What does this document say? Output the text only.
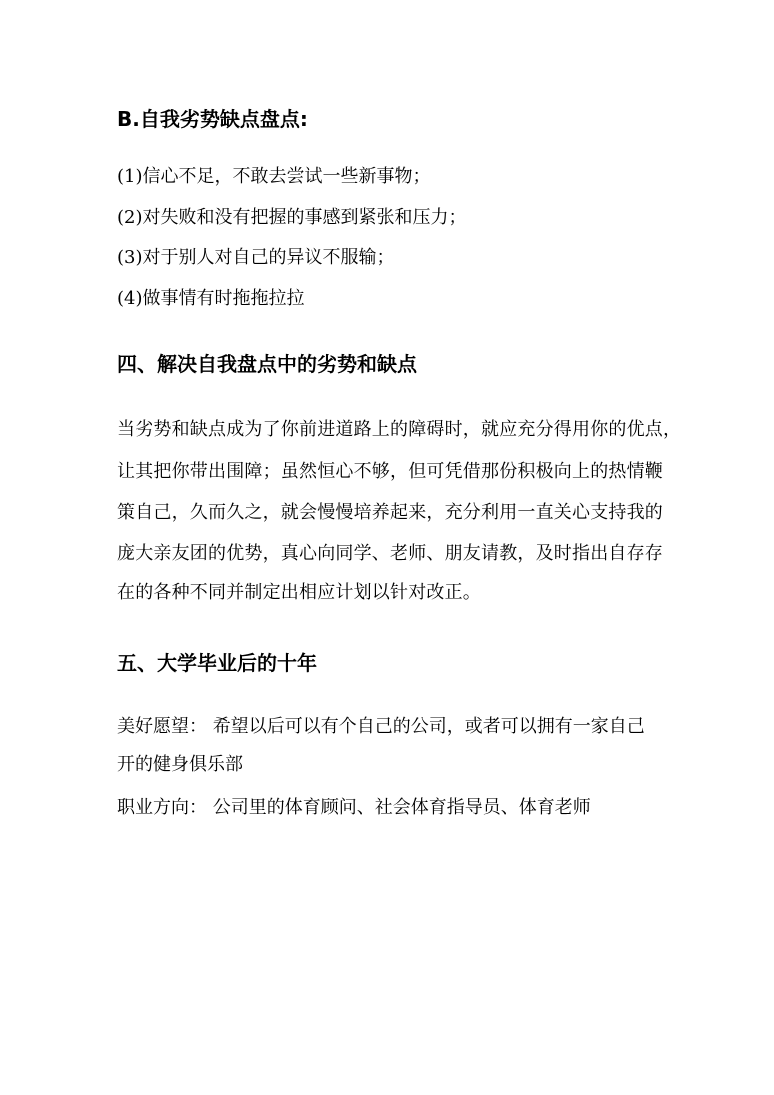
B.自我劣势缺点盘点:
(1)信心不足，不敢去尝试一些新事物；
(2)对失败和没有把握的事感到紧张和压力；
(3)对于别人对自己的异议不服输；
(4)做事情有时拖拖拉拉
四、解决自我盘点中的劣势和缺点
当劣势和缺点成为了你前进道路上的障碍时，就应充分得用你的优点，
让其把你带出围障；虽然恒心不够，但可凭借那份积极向上的热情鞭
策自己，久而久之，就会慢慢培养起来，充分利用一直关心支持我的
庞大亲友团的优势，真心向同学、老师、朋友请教，及时指出自存存
在的各种不同并制定出相应计划以针对改正。
五、大学毕业后的十年
美好愿望： 希望以后可以有个自己的公司，或者可以拥有一家自己
开的健身俱乐部
职业方向： 公司里的体育顾问、社会体育指导员、体育老师
